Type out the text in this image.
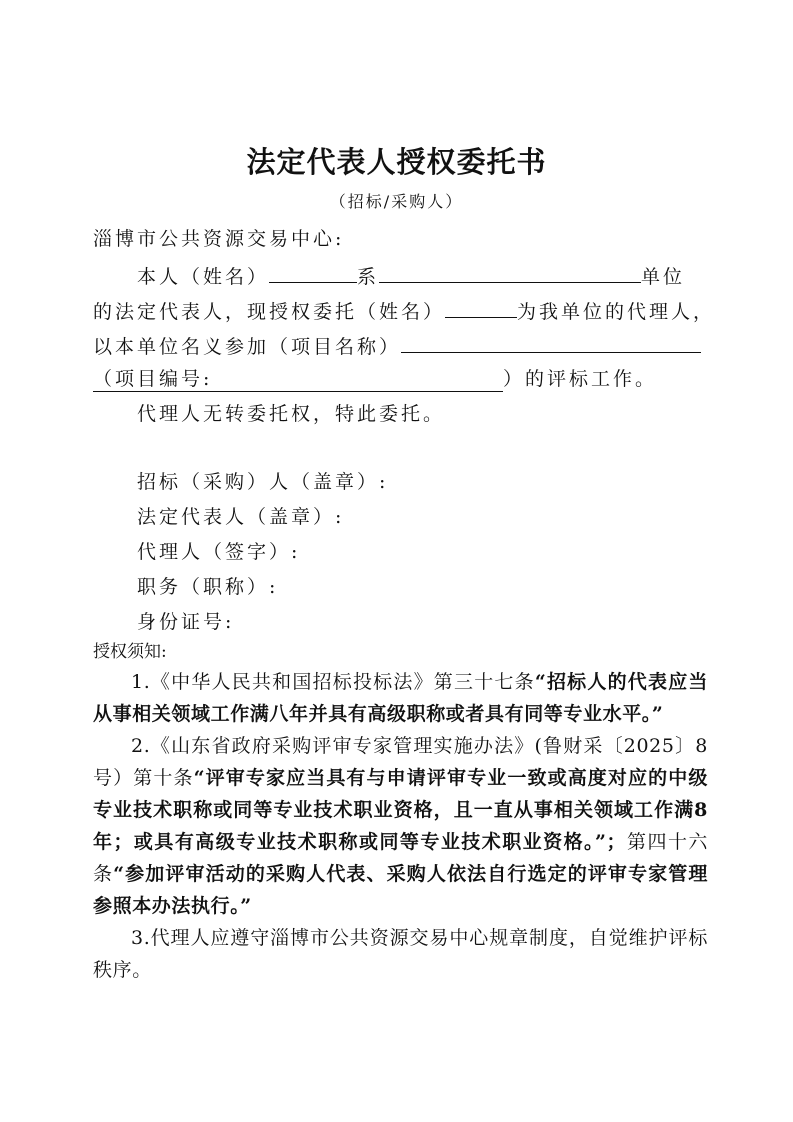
法定代表人授权委托书
（招标/采购人）
淄博市公共资源交易中心:
本人（姓名）	系	单位
的法定代表人，现授权委托（姓名）	为我单位的代理人，
以本单位名义参加（项目名称）
（项目编号:	）的评标工作。
代理人无转委托权，特此委托。
招标（采购）人（盖章）:
法定代表人（盖章）:
代理人（签字）:
职务（职称）:
身份证号:
授权须知:

1.《中华人民共和国招标投标法》第三十七条“招标人的代表应当从事相关领域工作满八年并具有高级职称或者具有同等专业水平。”

2.《山东省政府采购评审专家管理实施办法》(鲁财采〔2025〕8号）第十条“评审专家应当具有与申请评审专业一致或高度对应的中级专业技术职称或同等专业技术职业资格，且一直从事相关领域工作满8年；或具有高级专业技术职称或同等专业技术职业资格。”；第四十六条“参加评审活动的采购人代表、采购人依法自行选定的评审专家管理参照本办法执行。”

3.代理人应遵守淄博市公共资源交易中心规章制度，自觉维护评标秩序。
